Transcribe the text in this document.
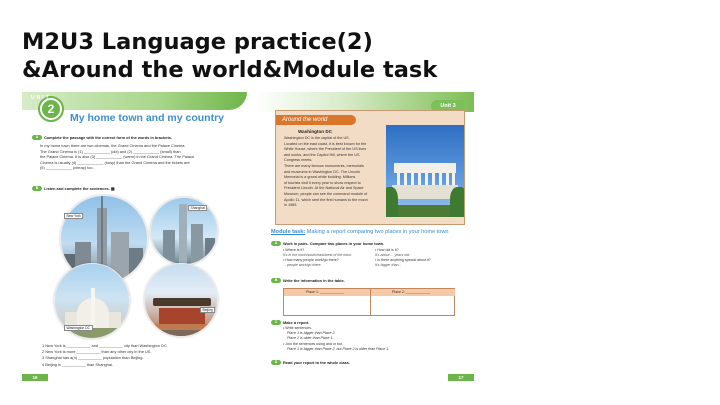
M2U3 Language practice(2)
&Around the world&Module task
2
UNIT
My home town and my country
A Complete the passage with the correct form of the words in brackets.
In my home town there are two cinemas, the Grand Cinema and the Palace Cinema.
The Grand Cinema is (1) ____________ (old) and (2) ____________ (small) than
the Palace Cinema. It is also (3) ____________ (warm) in the Grand Cinema. The Palace
Cinema is usually (4) ____________ (busy) than the Grand Cinema and the tickets are
(5) ____________ (cheap) too.
B Listen and complete the sentences. ▩
New York
Shanghai
Washington DC
Beijing
1 New York is ___________ and ___________ city than Washington DC.
2 New York is more ___________ than any other city in the US.
3 Shanghai has a(n) ___________ population than Beijing.
4 Beijing is ___________ than Shanghai.
16
Unit 3
Around the world
Washington DC
Washington DC is the capital of the US.
Located on the east coast, it is best known for the
White House, where the President of the US lives
and works, and the Capitol Hill, where the US
Congress meets.
There are many famous monuments, memorials
and museums in Washington DC. The Lincoln
Memorial is a grand white building. Millions
of tourists visit it every year to show respect to
President Lincoln. At the National Air and Space
Museum, people can see the command module of
Apollo 11, which sent the first humans to the moon
in 1969.
Module task: Making a report comparing two places in your home town
A Work in pairs. Compare two places in your home town.
• Where is it?
It's in the north/south/east/west of the town.
• How many people work/go there?
... people work/go there.
• How old is it?
It's about ... years old.
• Is there anything special about it?
It's bigger than...
B Write the information in the table.
Place 1: ____________	Place 2: ____________
C Make a report.
• Write sentences.
Place 1 is bigger than Place 2.
Place 2 is older than Place 1.
• Join the sentences using and or but.
Place 1 is bigger than Place 2, but Place 2 is older than Place 1.
D Read your report to the whole class.
17
